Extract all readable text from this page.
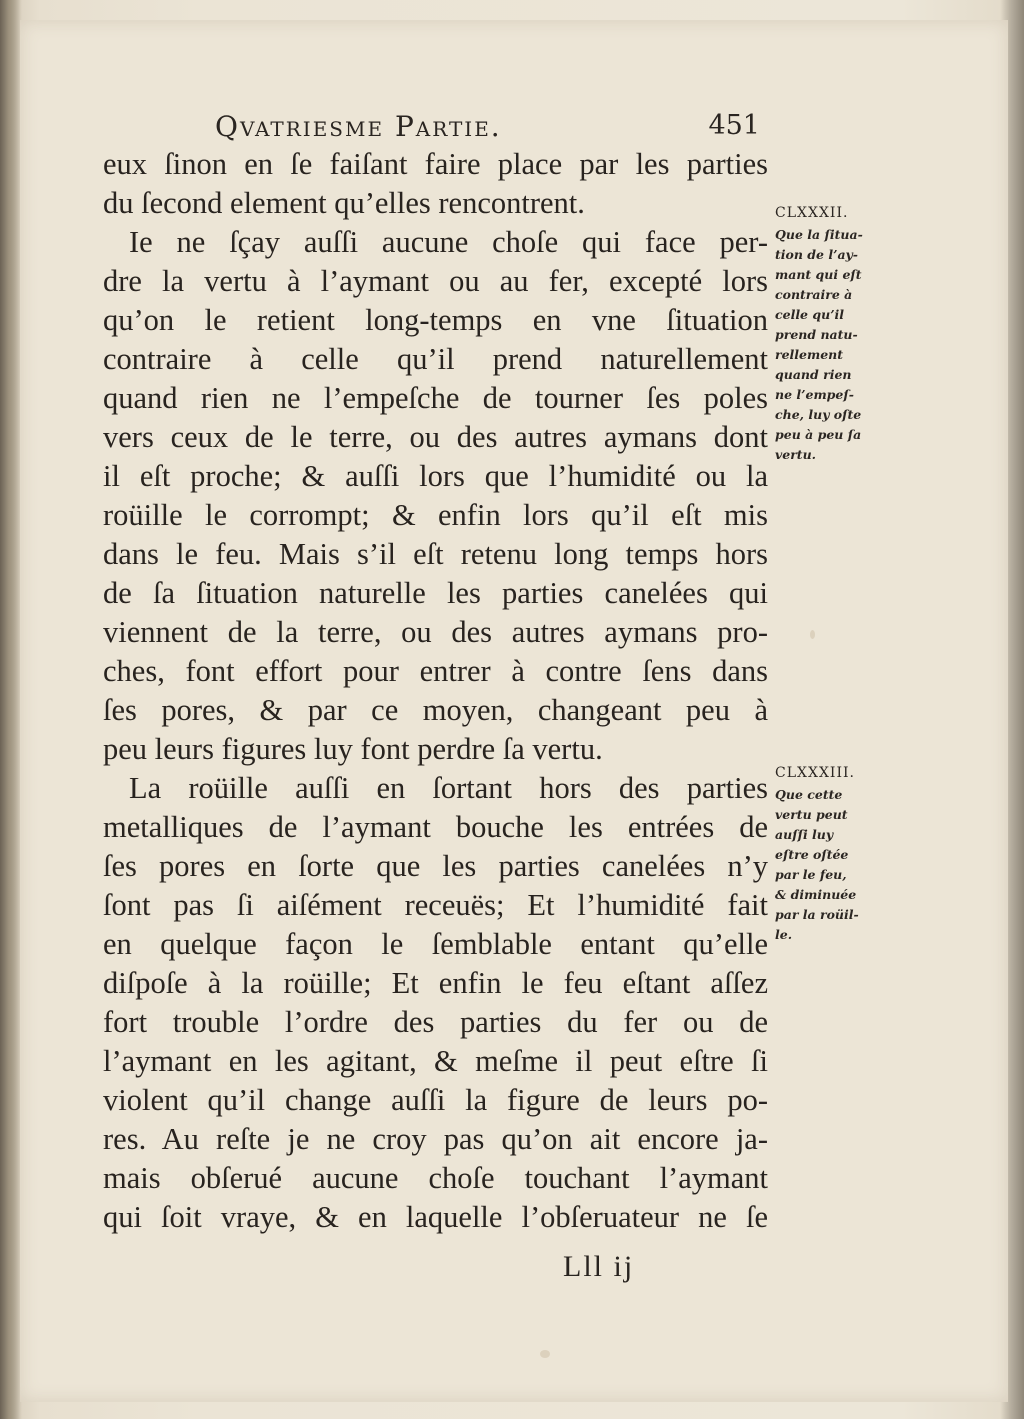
Qvatriesme Partie.	451
eux ſinon en ſe faiſant faire place par les parties
du ſecond element qu’elles rencontrent.
Ie ne ſçay auſſi aucune choſe qui face per-
dre la vertu à l’aymant ou au fer, excepté lors
qu’on le retient long-temps en vne ſituation
contraire à celle qu’il prend naturellement
quand rien ne l’empeſche de tourner ſes poles
vers ceux de le terre, ou des autres aymans dont
il eſt proche; & auſſi lors que l’humidité ou la
roüille le corrompt; & enfin lors qu’il eſt mis
dans le feu. Mais s’il eſt retenu long temps hors
de ſa ſituation naturelle les parties canelées qui
viennent de la terre, ou des autres aymans pro-
ches, font effort pour entrer à contre ſens dans
ſes pores, & par ce moyen, changeant peu à
peu leurs figures luy font perdre ſa vertu.
La roüille auſſi en ſortant hors des parties
metalliques de l’aymant bouche les entrées de
ſes pores en ſorte que les parties canelées n’y
ſont pas ſi aiſément receuës; Et l’humidité fait
en quelque façon le ſemblable entant qu’elle
diſpoſe à la roüille; Et enfin le feu eſtant aſſez
fort trouble l’ordre des parties du fer ou de
l’aymant en les agitant, & meſme il peut eſtre ſi
violent qu’il change auſſi la figure de leurs po-
res. Au reſte je ne croy pas qu’on ait encore ja-
mais obſerué aucune choſe touchant l’aymant
qui ſoit vraye, & en laquelle l’obſeruateur ne ſe
CLXXXII.
Que la ſitua-
tion de l’ay-
mant qui eſt
contraire à
celle qu’il
prend natu-
rellement
quand rien
ne l’empeſ-
che, luy oſte
peu à peu ſa
vertu.
CLXXXIII.
Que cette
vertu peut
auſſi luy
eſtre oſtée
par le feu,
& diminuée
par la roüil-
le.
Lll ij
